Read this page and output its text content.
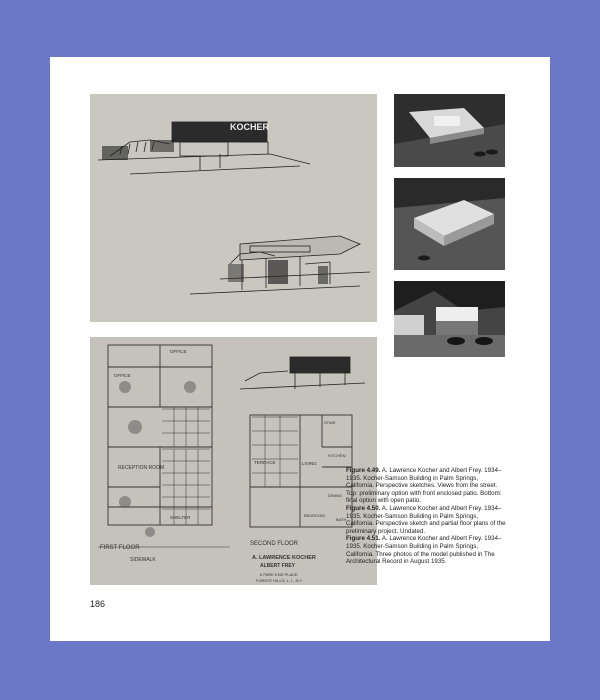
KOCHER
OFFICE
OFFICE
RECEPTION ROOM
SHELTER
FIRST FLOOR
SIDEWALK
STAIR
TERRACE	LIVING
KITCHEN
DINING
BEDROOM
BATH
SECOND FLOOR
A. LAWRENCE KOCHER
ALBERT FREY
6 PARK END PLACE
FOREST HILLS, L. I., N.Y.

Figure 4.49. A. Lawrence Kocher and Albert Frey. 1934–1935. Kocher-Samson Building in Palm Springs, California. Perspective sketches. Views from the street. Top: preliminary option with front enclosed patio. Bottom: final option with open patio.

Figure 4.50. A. Lawrence Kocher and Albert Frey. 1934–1935. Kocher-Samson Building in Palm Springs, California. Perspective sketch and partial floor plans of the preliminary project. Undated.

Figure 4.51. A. Lawrence Kocher and Albert Frey. 1934–1935. Kocher-Samson Building in Palm Springs, California. Three photos of the model published in The Architectural Record in August 1935.

186
